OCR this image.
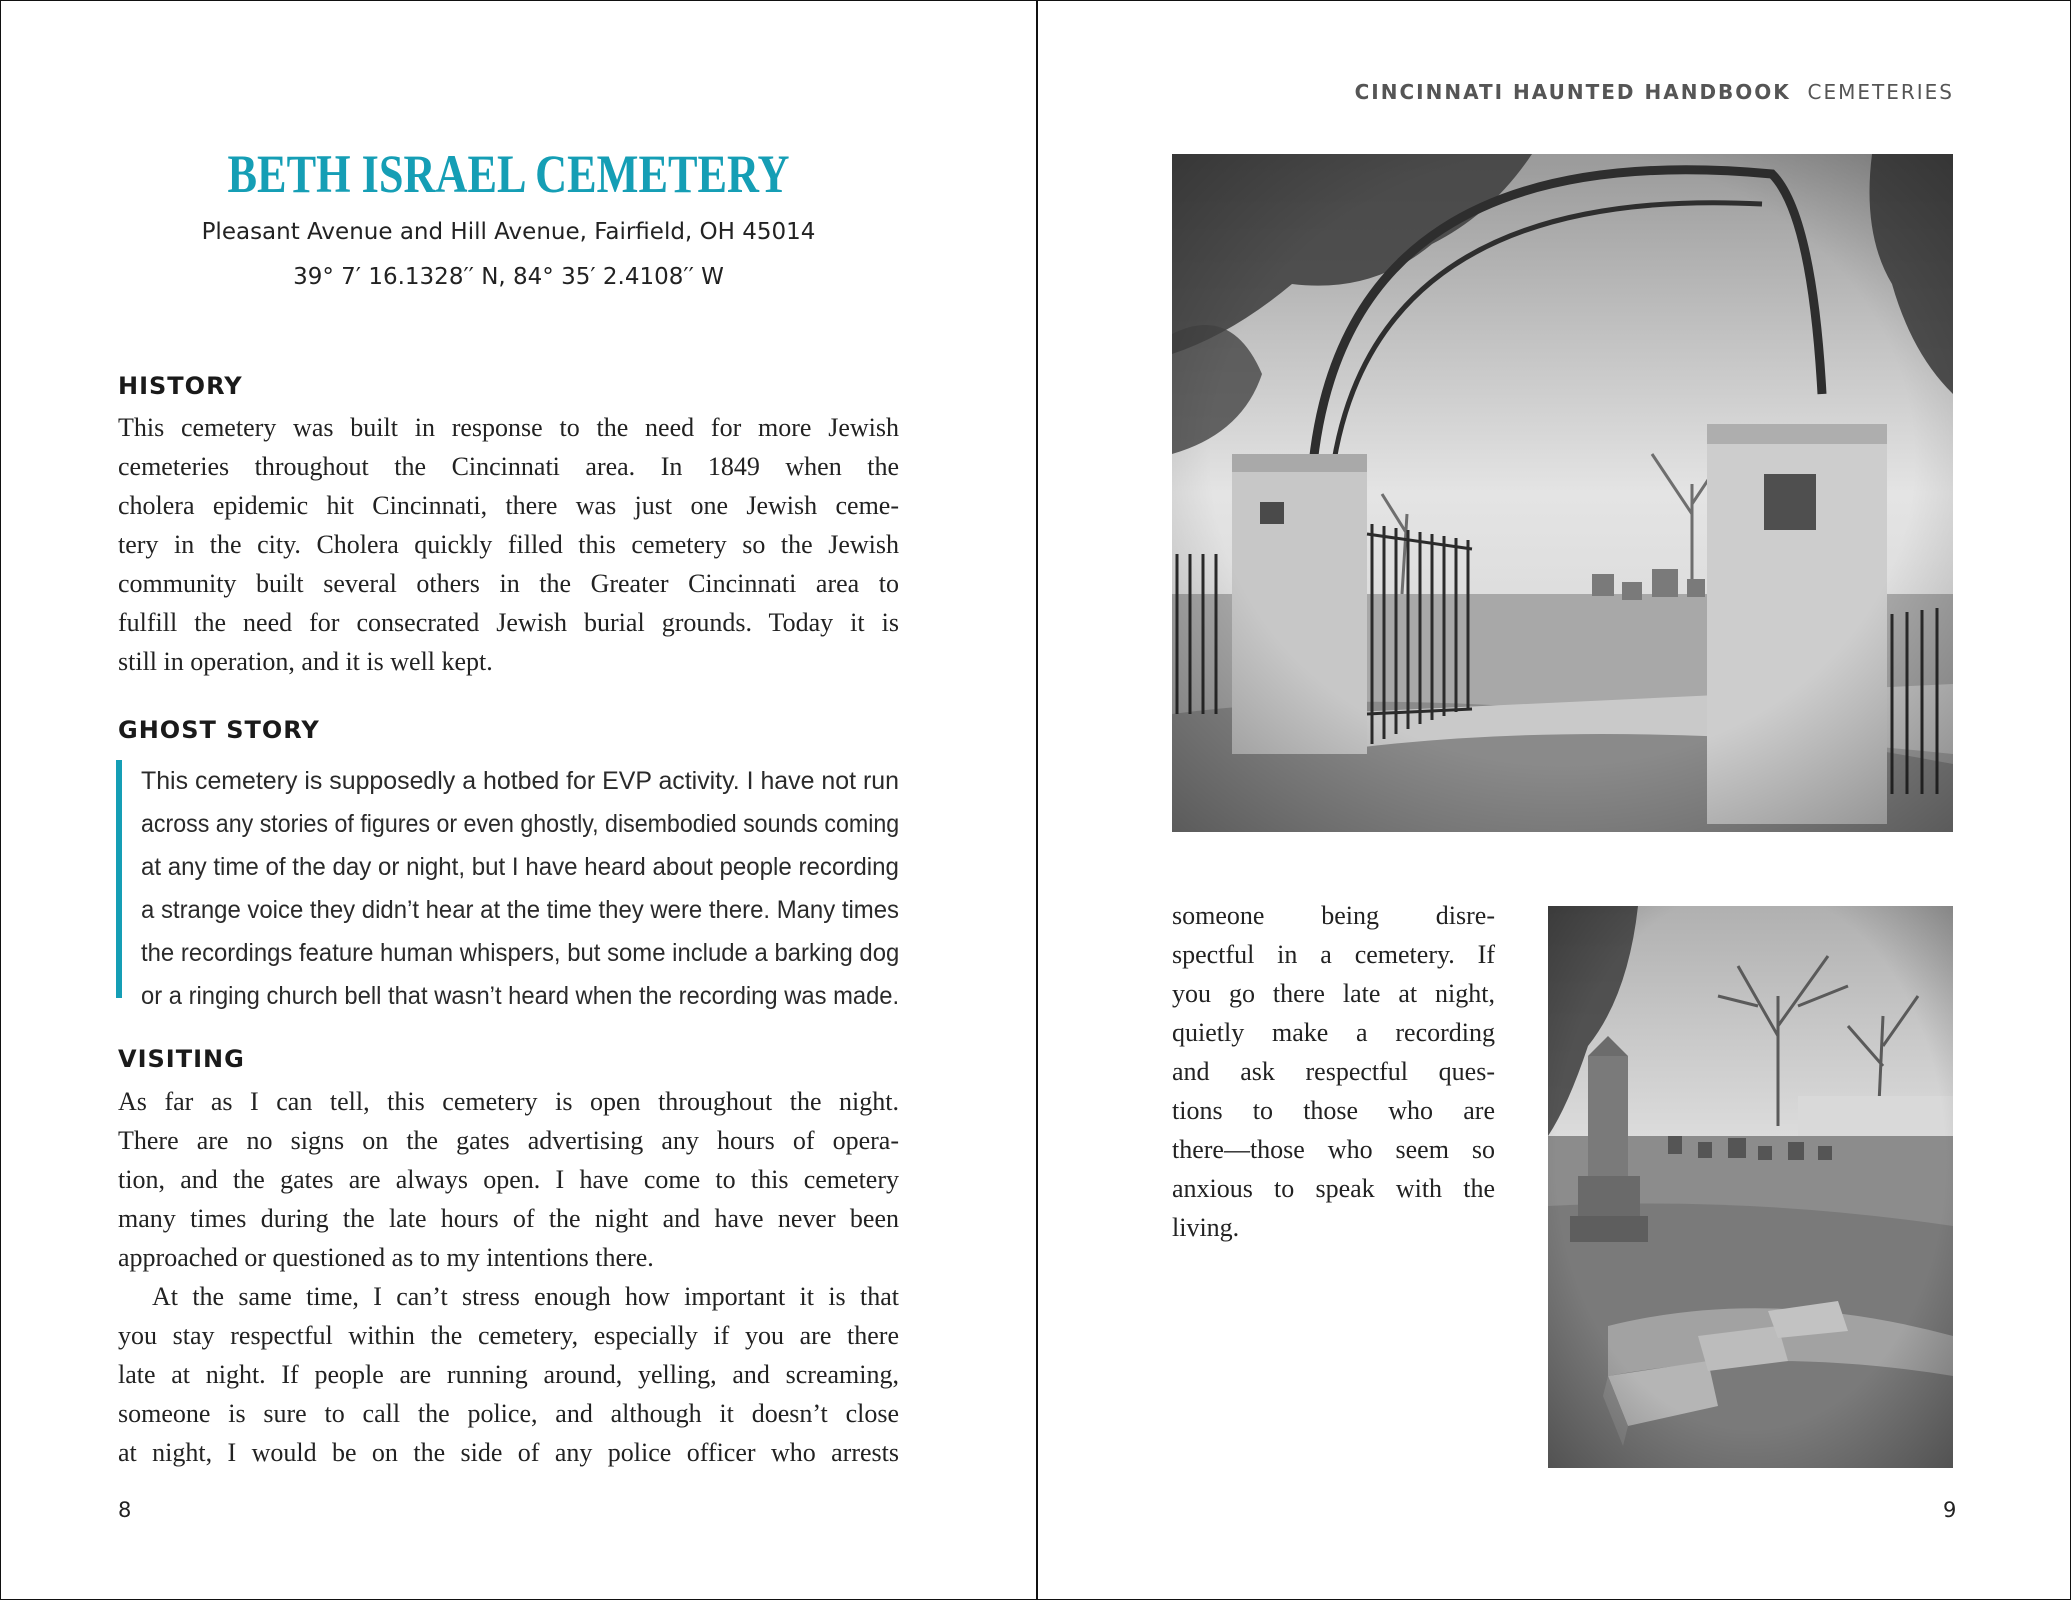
BETH ISRAEL CEMETERY
Pleasant Avenue and Hill Avenue, Fairfield, OH 45014
39° 7′ 16.1328′′ N, 84° 35′ 2.4108′′ W
HISTORY
This cemetery was built in response to the need for more Jewish
cemeteries throughout the Cincinnati area. In 1849 when the
cholera epidemic hit Cincinnati, there was just one Jewish ceme-
tery in the city. Cholera quickly filled this cemetery so the Jewish
community built several others in the Greater Cincinnati area to
fulfill the need for consecrated Jewish burial grounds. Today it is
still in operation, and it is well kept.
GHOST STORY
This cemetery is supposedly a hotbed for EVP activity. I have not run
across any stories of figures or even ghostly, disembodied sounds coming
at any time of the day or night, but I have heard about people recording
a strange voice they didn’t hear at the time they were there. Many times
the recordings feature human whispers, but some include a barking dog
or a ringing church bell that wasn’t heard when the recording was made.
VISITING
As far as I can tell, this cemetery is open throughout the night.
There are no signs on the gates advertising any hours of opera-
tion, and the gates are always open. I have come to this cemetery
many times during the late hours of the night and have never been
approached or questioned as to my intentions there.
At the same time, I can’t stress enough how important it is that
you stay respectful within the cemetery, especially if you are there
late at night. If people are running around, yelling, and screaming,
someone is sure to call the police, and although it doesn’t close
at night, I would be on the side of any police officer who arrests
8
CINCINNATI HAUNTED HANDBOOK CEMETERIES
someone being disre-
spectful in a cemetery. If
you go there late at night,
quietly make a recording
and ask respectful ques-
tions to those who are
there—those who seem so
anxious to speak with the
living.
9
